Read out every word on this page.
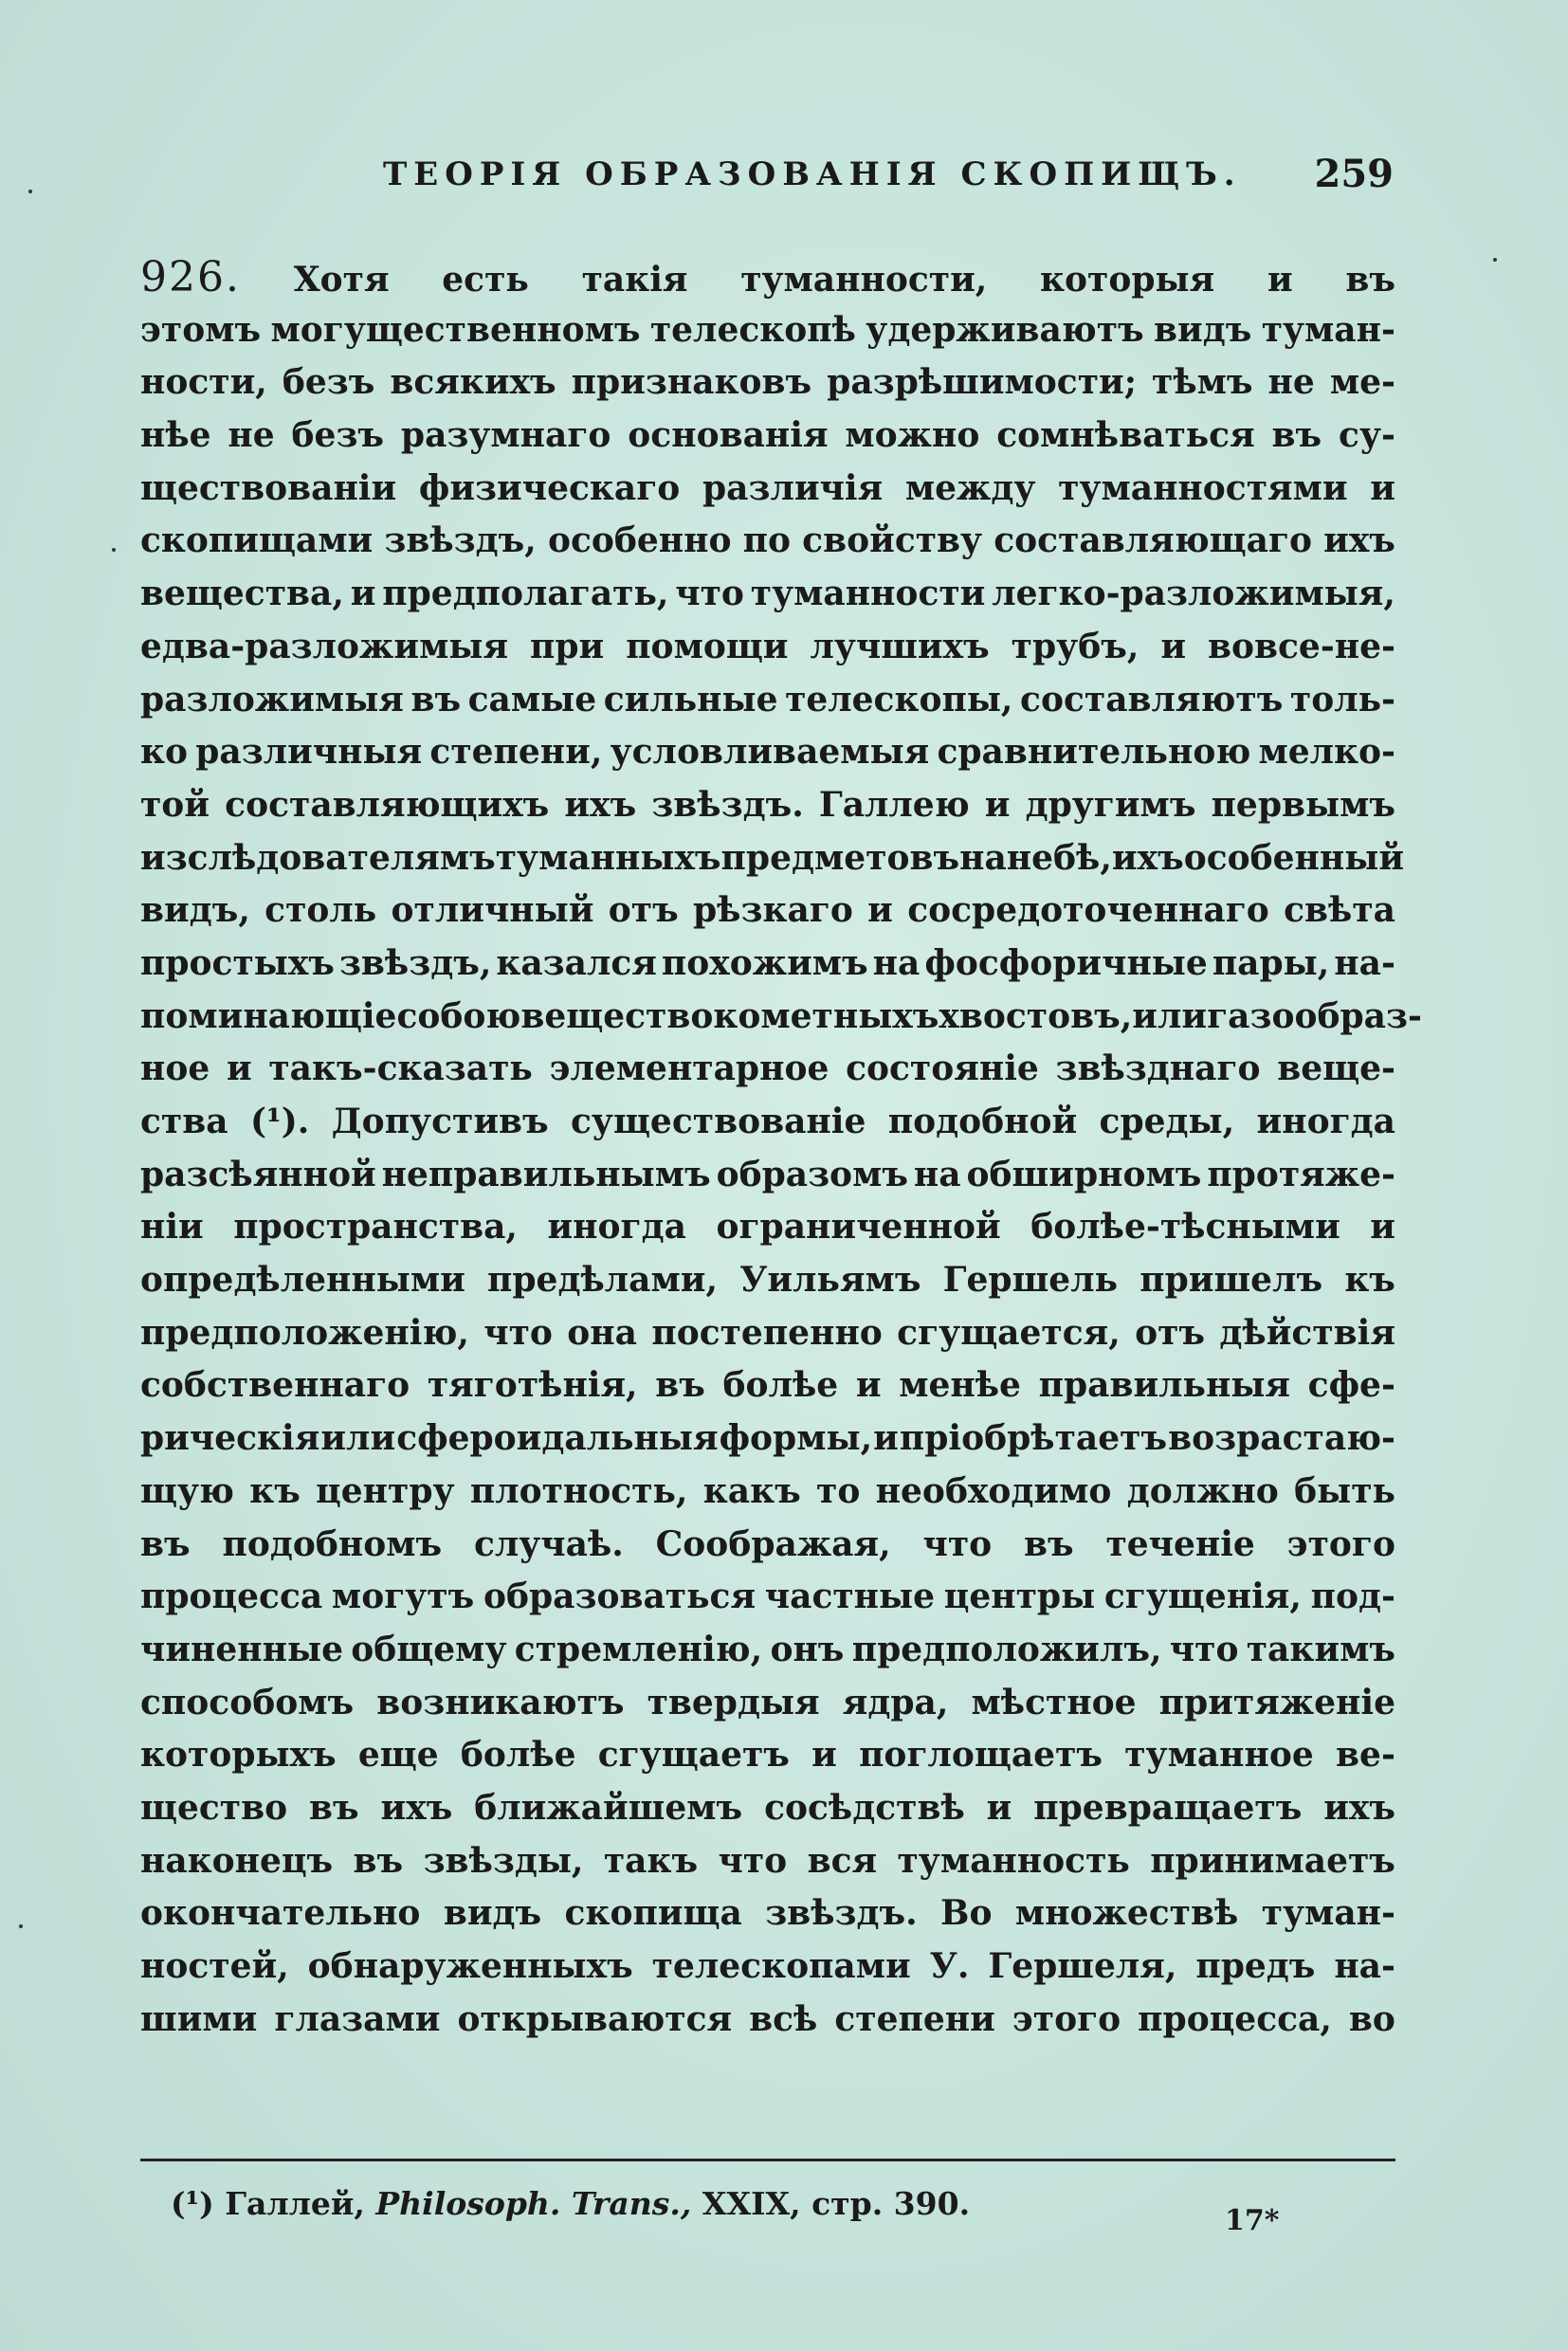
ТЕОРІЯ ОБРАЗОВАНІЯ СКОПИЩЪ. 259
926. Хотя есть такія туманности, которыя и въ
этомъ могущественномъ телескопѣ удерживаютъ видъ туман-
ности, безъ всякихъ признаковъ разрѣшимости; тѣмъ не ме-
нѣе не безъ разумнаго основанія можно сомнѣваться въ су-
ществованіи физическаго различія между туманностями и
скопищами звѣздъ, особенно по свойству составляющаго ихъ
вещества, и предполагать, что туманности легко-разложимыя,
едва-разложимыя при помощи лучшихъ трубъ, и вовсе-не-
разложимыя въ самые сильные телескопы, составляютъ толь-
ко различныя степени, условливаемыя сравнительною мелко-
той составляющихъ ихъ звѣздъ. Галлею и другимъ первымъ
изслѣдователямъ туманныхъ предметовъ на небѣ, ихъ особенный
видъ, столь отличный отъ рѣзкаго и сосредоточеннаго свѣта
простыхъ звѣздъ, казался похожимъ на фосфоричные пары, на-
поминающіе собою вещество кометныхъ хвостовъ, или газообраз-
ное и такъ-сказать элементарное состояніе звѣзднаго веще-
ства (¹). Допустивъ существованіе подобной среды, иногда
разсѣянной неправильнымъ образомъ на обширномъ протяже-
ніи пространства, иногда ограниченной болѣе-тѣсными и
опредѣленными предѣлами, Уильямъ Гершель пришелъ къ
предположенію, что она постепенно сгущается, отъ дѣйствія
собственнаго тяготѣнія, въ болѣе и менѣе правильныя сфе-
рическія или сфероидальныя формы, и пріобрѣтаетъ возрастаю-
щую къ центру плотность, какъ то необходимо должно быть
въ подобномъ случаѣ. Соображая, что въ теченіе этого
процесса могутъ образоваться частные центры сгущенія, под-
чиненные общему стремленію, онъ предположилъ, что такимъ
способомъ возникаютъ твердыя ядра, мѣстное притяженіе
которыхъ еще болѣе сгущаетъ и поглощаетъ туманное ве-
щество въ ихъ ближайшемъ сосѣдствѣ и превращаетъ ихъ
наконецъ въ звѣзды, такъ что вся туманность принимаетъ
окончательно видъ скопища звѣздъ. Во множествѣ туман-
ностей, обнаруженныхъ телескопами У. Гершеля, предъ на-
шими глазами открываются всѣ степени этого процесса, во
(¹) Галлей, Philosoph. Trans., XXIX, стр. 390.	17*
